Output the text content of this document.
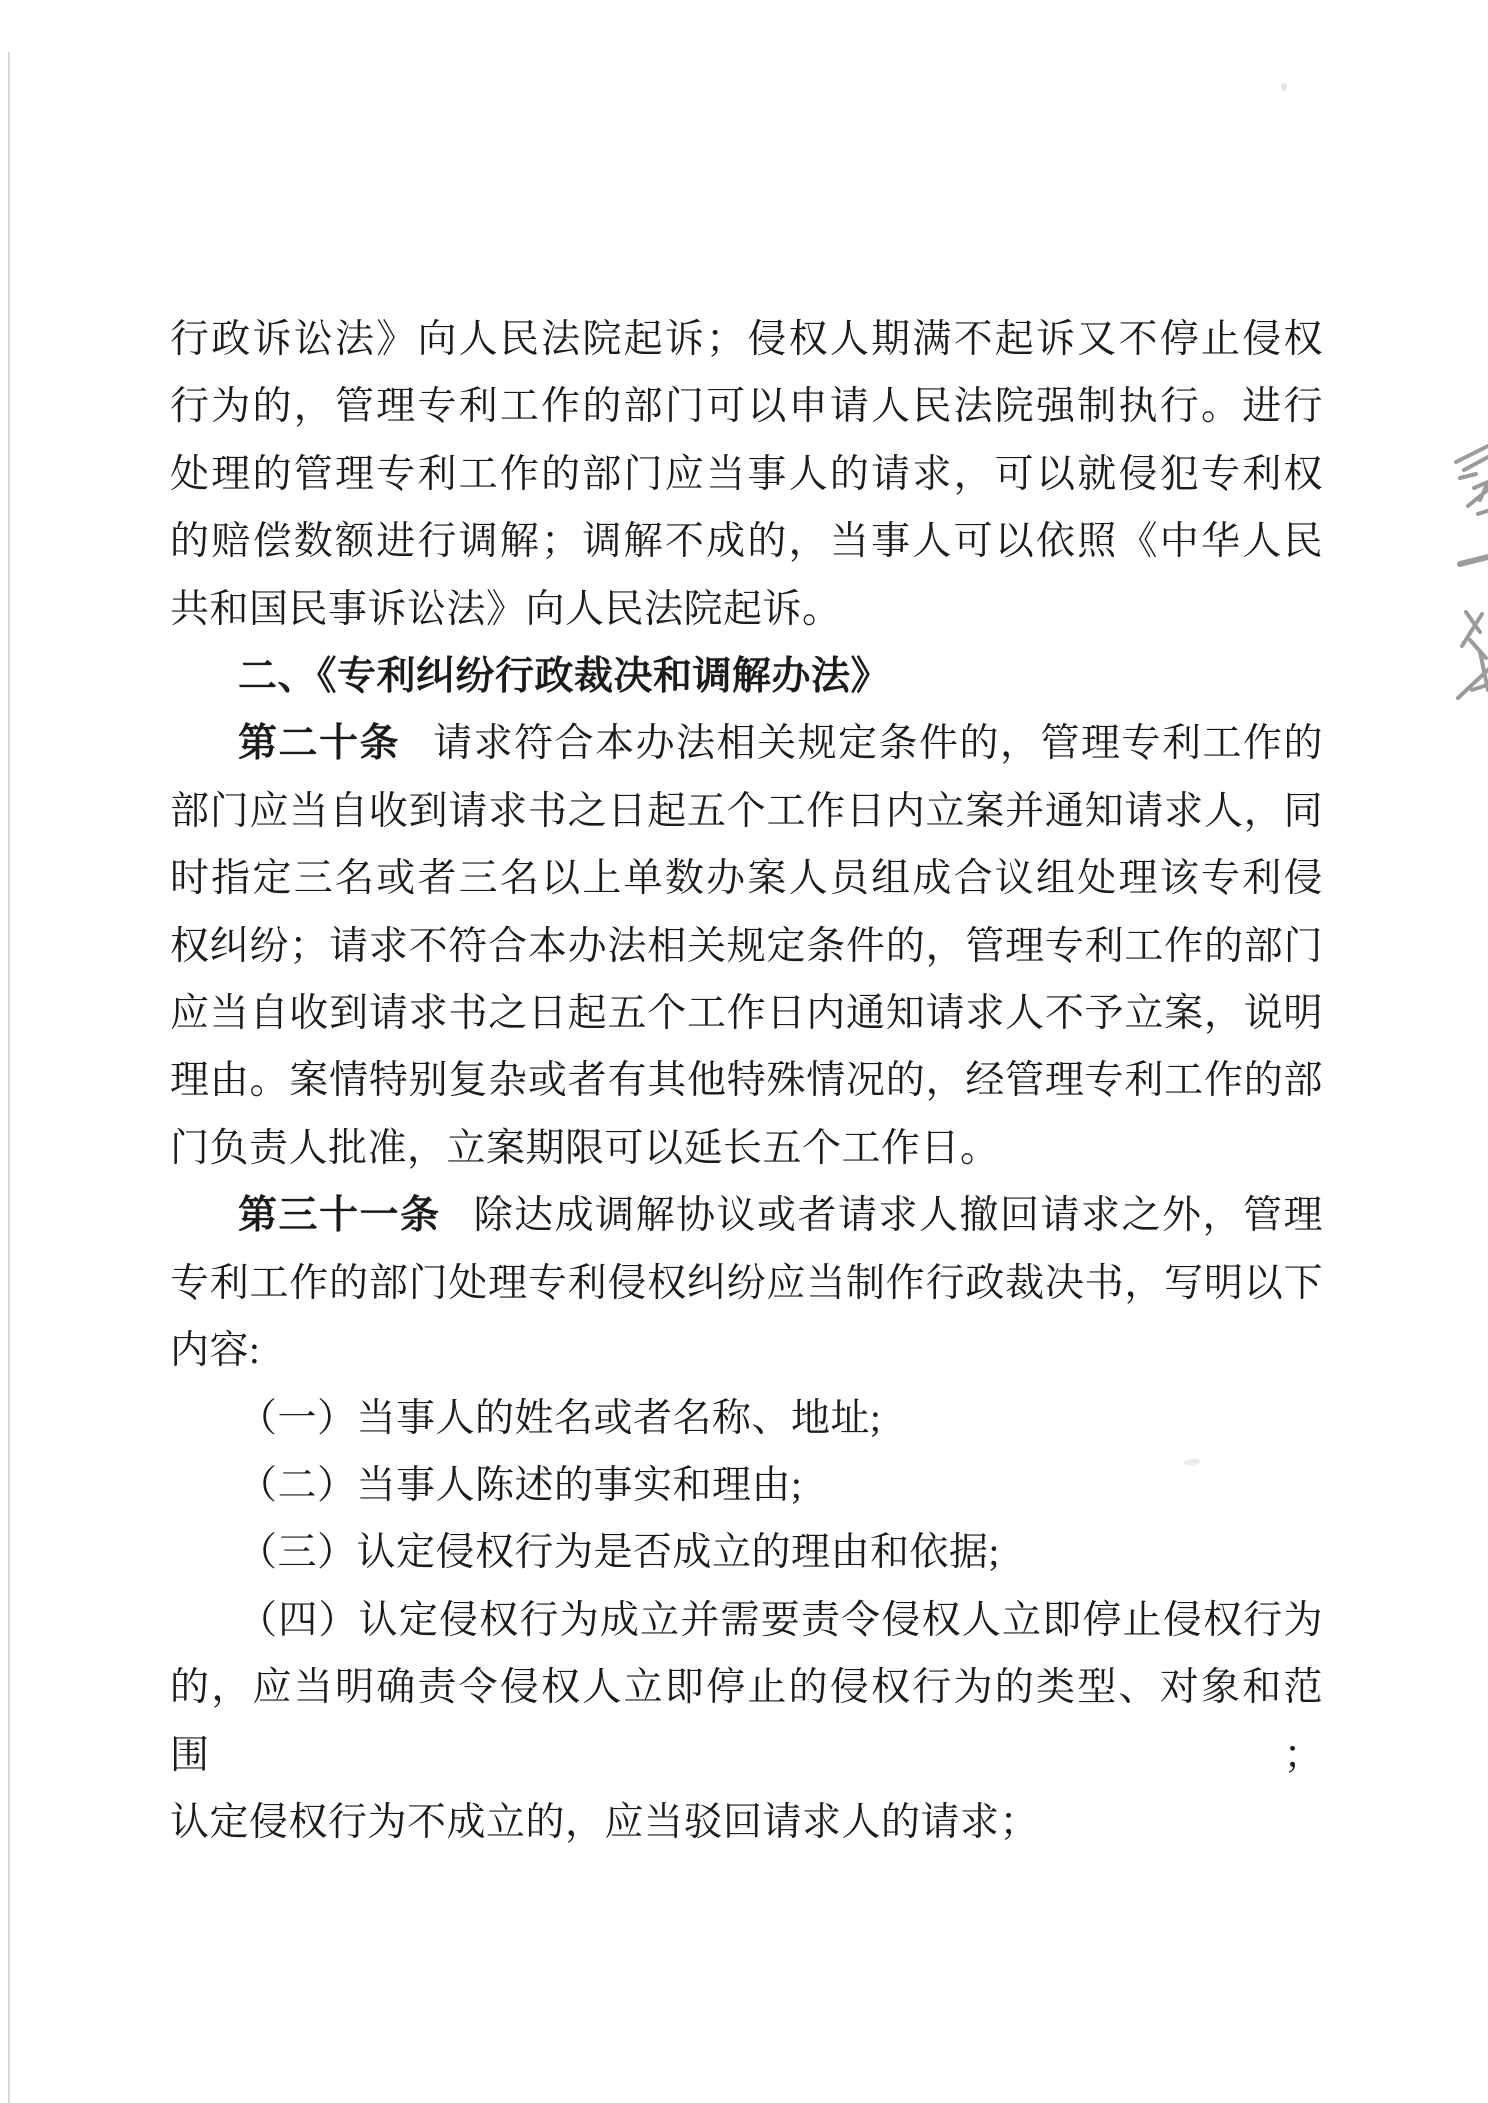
行政诉讼法》向人民法院起诉；侵权人期满不起诉又不停止侵权
行为的，管理专利工作的部门可以申请人民法院强制执行。进行
处理的管理专利工作的部门应当事人的请求，可以就侵犯专利权
的赔偿数额进行调解；调解不成的，当事人可以依照《中华人民
共和国民事诉讼法》向人民法院起诉。
二、《专利纠纷行政裁决和调解办法》
第二十条 请求符合本办法相关规定条件的，管理专利工作的
部门应当自收到请求书之日起五个工作日内立案并通知请求人，同
时指定三名或者三名以上单数办案人员组成合议组处理该专利侵
权纠纷；请求不符合本办法相关规定条件的，管理专利工作的部门
应当自收到请求书之日起五个工作日内通知请求人不予立案，说明
理由。案情特别复杂或者有其他特殊情况的，经管理专利工作的部
门负责人批准，立案期限可以延长五个工作日。
第三十一条 除达成调解协议或者请求人撤回请求之外，管理
专利工作的部门处理专利侵权纠纷应当制作行政裁决书，写明以下
内容:
（一）当事人的姓名或者名称、地址;
（二）当事人陈述的事实和理由;
（三）认定侵权行为是否成立的理由和依据;
（四）认定侵权行为成立并需要责令侵权人立即停止侵权行为
的，应当明确责令侵权人立即停止的侵权行为的类型、对象和范围；
认定侵权行为不成立的，应当驳回请求人的请求；
